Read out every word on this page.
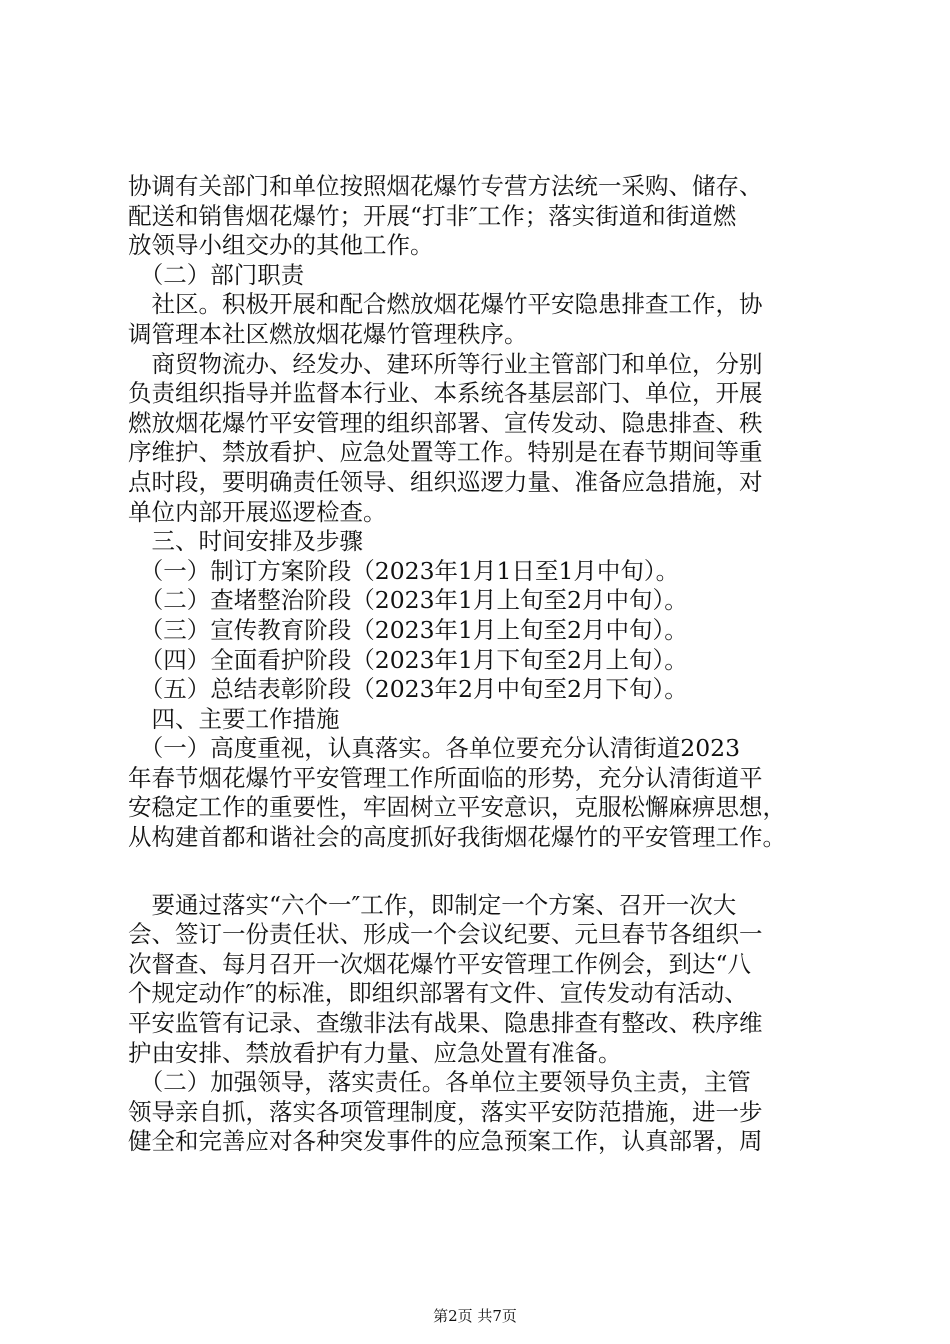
协调有关部门和单位按照烟花爆竹专营方法统一采购、储存、
配送和销售烟花爆竹；开展“打非″工作；落实街道和街道燃
放领导小组交办的其他工作。
　（二）部门职责
　社区。积极开展和配合燃放烟花爆竹平安隐患排查工作，协
调管理本社区燃放烟花爆竹管理秩序。
　商贸物流办、经发办、建环所等行业主管部门和单位，分别
负责组织指导并监督本行业、本系统各基层部门、单位，开展
燃放烟花爆竹平安管理的组织部署、宣传发动、隐患排查、秩
序维护、禁放看护、应急处置等工作。特别是在春节期间等重
点时段，要明确责任领导、组织巡逻力量、准备应急措施，对
单位内部开展巡逻检查。
　三、时间安排及步骤
　（一）制订方案阶段（2023年1月1日至1月中旬）。
　（二）查堵整治阶段（2023年1月上旬至2月中旬）。
　（三）宣传教育阶段（2023年1月上旬至2月中旬）。
　（四）全面看护阶段（2023年1月下旬至2月上旬）。
　（五）总结表彰阶段（2023年2月中旬至2月下旬）。
　四、主要工作措施
　（一）高度重视，认真落实。各单位要充分认清街道2023
年春节烟花爆竹平安管理工作所面临的形势，充分认清街道平
安稳定工作的重要性，牢固树立平安意识，克服松懈麻痹思想，
从构建首都和谐社会的高度抓好我街烟花爆竹的平安管理工作。
　要通过落实“六个一″工作，即制定一个方案、召开一次大
会、签订一份责任状、形成一个会议纪要、元旦春节各组织一
次督查、每月召开一次烟花爆竹平安管理工作例会，到达“八
个规定动作″的标准，即组织部署有文件、宣传发动有活动、
平安监管有记录、查缴非法有战果、隐患排查有整改、秩序维
护由安排、禁放看护有力量、应急处置有准备。
　（二）加强领导，落实责任。各单位主要领导负主责，主管
领导亲自抓，落实各项管理制度，落实平安防范措施，进一步
健全和完善应对各种突发事件的应急预案工作，认真部署，周
第2页 共7页
